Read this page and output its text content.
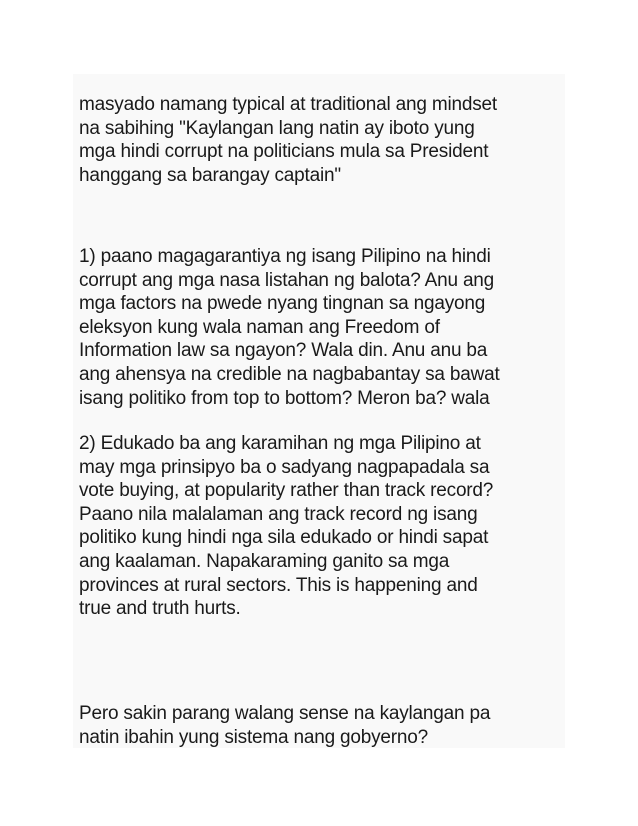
masyado namang typical at traditional ang mindset
na sabihing "Kaylangan lang natin ay iboto yung
mga hindi corrupt na politicians mula sa President
hanggang sa barangay captain"

1) paano magagarantiya ng isang Pilipino na hindi
corrupt ang mga nasa listahan ng balota? Anu ang
mga factors na pwede nyang tingnan sa ngayong
eleksyon kung wala naman ang Freedom of
Information law sa ngayon? Wala din. Anu anu ba
ang ahensya na credible na nagbabantay sa bawat
isang politiko from top to bottom? Meron ba? wala

2) Edukado ba ang karamihan ng mga Pilipino at
may mga prinsipyo ba o sadyang nagpapadala sa
vote buying, at popularity rather than track record?
Paano nila malalaman ang track record ng isang
politiko kung hindi nga sila edukado or hindi sapat
ang kaalaman. Napakaraming ganito sa mga
provinces at rural sectors. This is happening and
true and truth hurts.

Pero sakin parang walang sense na kaylangan pa
natin ibahin yung sistema nang gobyerno?
